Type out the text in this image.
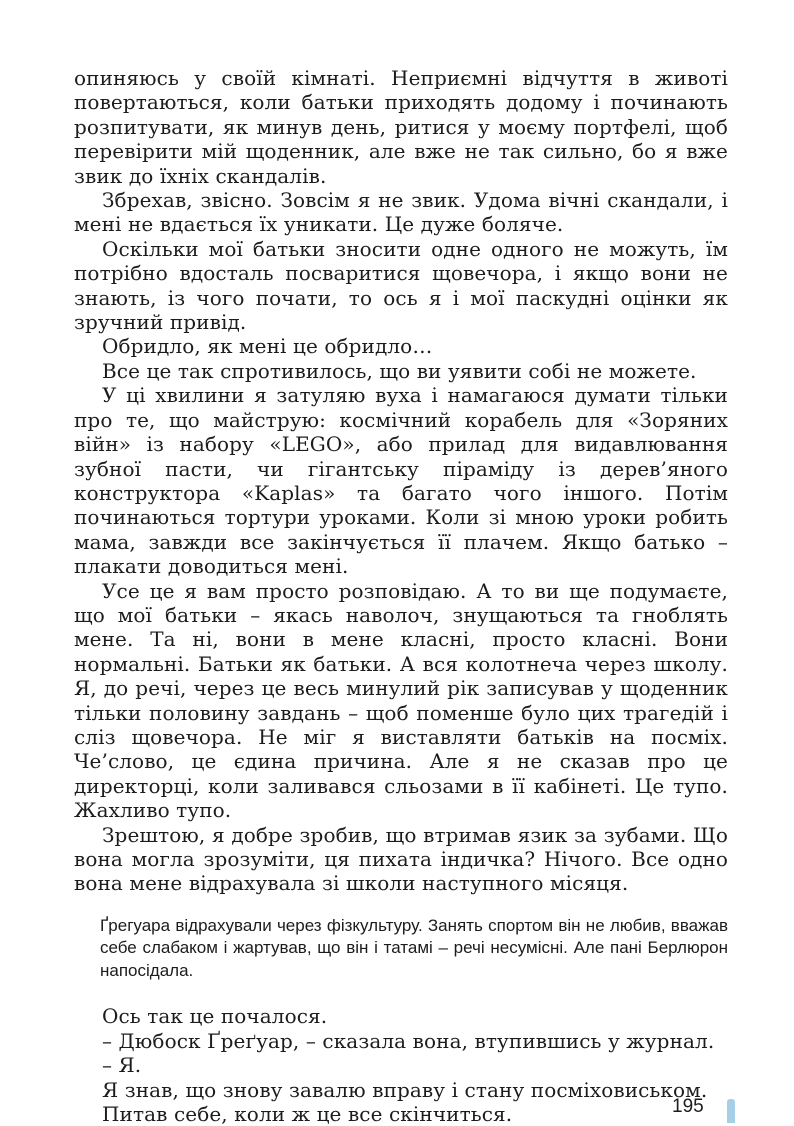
опиняюсь у своїй кімнаті. Неприємні відчуття в животі повертаються, коли батьки приходять додому і починають розпитувати, як минув день, ритися у моєму портфелі, щоб перевірити мій щоденник, але вже не так сильно, бо я вже звик до їхніх скандалів.

Збрехав, звісно. Зовсім я не звик. Удома вічні скандали, і мені не вдається їх уникати. Це дуже боляче.

Оскільки мої батьки зносити одне одного не можуть, їм потрібно вдосталь посваритися щовечора, і якщо вони не знають, із чого почати, то ось я і мої паскудні оцінки як зручний привід.

Обридло, як мені це обридло…

Все це так спротивилось, що ви уявити собі не можете.

У ці хвилини я затуляю вуха і намагаюся думати тільки про те, що майструю: космічний корабель для «Зоряних війн» із набору «LEGO», або прилад для видавлювання зубної пасти, чи гігантську піраміду із дерев’яного конструктора «Kaplas» та багато чого іншого. Потім починаються тортури уроками. Коли зі мною уроки робить мама, завжди все закінчується її плачем. Якщо батько – плакати доводиться мені.

Усе це я вам просто розповідаю. А то ви ще подумаєте, що мої батьки – якась наволоч, знущаються та гноблять мене. Та ні, вони в мене класні, просто класні. Вони нормальні. Батьки як батьки. А вся колотнеча через школу. Я, до речі, через це весь минулий рік записував у щоденник тільки половину завдань – щоб поменше було цих трагедій і сліз щовечора. Не міг я виставляти батьків на посміх. Че’слово, це єдина причина. Але я не сказав про це директорці, коли заливався сльозами в її кабінеті. Це тупо. Жахливо тупо.

Зрештою, я добре зробив, що втримав язик за зубами. Що вона могла зрозуміти, ця пихата індичка? Нічого. Все одно вона мене відрахувала зі школи наступного місяця.

Ґрегуара відрахували через фізкультуру. Занять спортом він не любив, вважав себе слабаком і жартував, що він і татамі – речі несумісні. Але пані Берлюрон напосідала.

Ось так це почалося.

– Дюбоск Ґреґуар, – сказала вона, втупившись у журнал.

– Я.

Я знав, що знову завалю вправу і стану посміховиськом.

Питав себе, коли ж це все скінчиться.	195
